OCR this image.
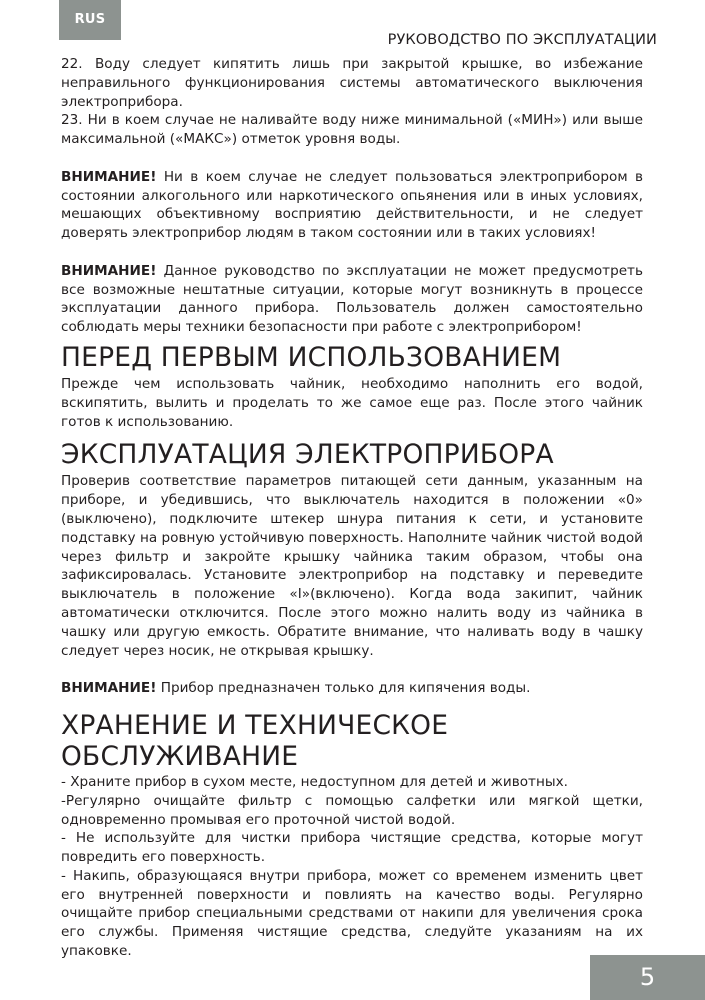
RUS
РУКОВОДСТВО ПО ЭКСПЛУАТАЦИИ

22. Воду следует кипятить лишь при закрытой крышке, во избежание неправильного функционирования системы автоматического выключения электроприбора.

23. Ни в коем случае не наливайте воду ниже минимальной («МИН») или выше максимальной («МАКС») отметок уровня воды.

ВНИМАНИЕ! Ни в коем случае не следует пользоваться электроприбором в состоянии алкогольного или наркотического опьянения или в иных условиях, мешающих объективному восприятию действительности, и не следует доверять электроприбор людям в таком состоянии или в таких условиях!

ВНИМАНИЕ! Данное руководство по эксплуатации не может предусмотреть все возможные нештатные ситуации, которые могут возникнуть в процессе эксплуатации данного прибора. Пользователь должен самостоятельно соблюдать меры техники безопасности при работе с электроприбором!

ПЕРЕД ПЕРВЫМ ИСПОЛЬЗОВАНИЕМ

Прежде чем использовать чайник, необходимо наполнить его водой, вскипятить, вылить и проделать то же самое еще раз. После этого чайник готов к использованию.

ЭКСПЛУАТАЦИЯ ЭЛЕКТРОПРИБОРА

Проверив соответствие параметров питающей сети данным, указанным на приборе, и убедившись, что выключатель находится в положении «0» (выключено), подключите штекер шнура питания к сети, и установите подставку на ровную устойчивую поверхность. Наполните чайник чистой водой через фильтр и закройте крышку чайника таким образом, чтобы она зафиксировалась. Установите электроприбор на подставку и переведите выключатель в положение «I»(включено). Когда вода закипит, чайник автоматически отключится. После этого можно налить воду из чайника в чашку или другую емкость. Обратите внимание, что наливать воду в чашку следует через носик, не открывая крышку.

ВНИМАНИЕ! Прибор предназначен только для кипячения воды.

ХРАНЕНИЕ И ТЕХНИЧЕСКОЕ
ОБСЛУЖИВАНИЕ

- Храните прибор в сухом месте, недоступном для детей и животных.

-Регулярно очищайте фильтр с помощью салфетки или мягкой щетки, одновременно промывая его проточной чистой водой.

- Не используйте для чистки прибора чистящие средства, которые могут повредить его поверхность.

- Накипь, образующаяся внутри прибора, может со временем изменить цвет его внутренней поверхности и повлиять на качество воды. Регулярно очищайте прибор специальными средствами от накипи для увеличения срока его службы. Применяя чистящие средства, следуйте указаниям на их упаковке.

5
